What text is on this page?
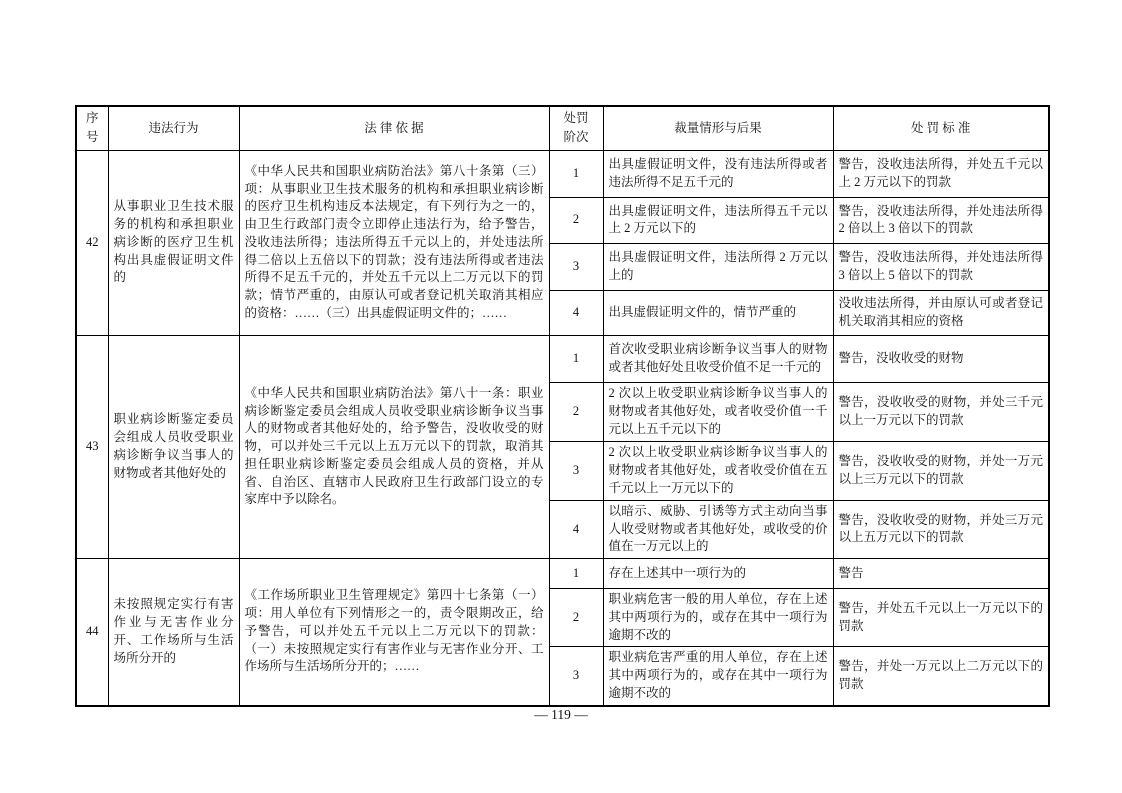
序号	违法行为	法 律 依 据	处罚阶次	裁量情形与后果	处 罚 标 准
42	从事职业卫生技术服务的机构和承担职业病诊断的医疗卫生机构出具虚假证明文件的	《中华人民共和国职业病防治法》第八十条第（三）项：从事职业卫生技术服务的机构和承担职业病诊断的医疗卫生机构违反本法规定，有下列行为之一的，由卫生行政部门责令立即停止违法行为，给予警告，没收违法所得；违法所得五千元以上的，并处违法所得二倍以上五倍以下的罚款；没有违法所得或者违法所得不足五千元的，并处五千元以上二万元以下的罚款；情节严重的，由原认可或者登记机关取消其相应的资格：……（三）出具虚假证明文件的；……	1	出具虚假证明文件，没有违法所得或者违法所得不足五千元的	警告，没收违法所得，并处五千元以上 2 万元以下的罚款
			2	出具虚假证明文件，违法所得五千元以上 2 万元以下的	警告，没收违法所得，并处违法所得 2 倍以上 3 倍以下的罚款
			3	出具虚假证明文件，违法所得 2 万元以上的	警告，没收违法所得，并处违法所得 3 倍以上 5 倍以下的罚款
			4	出具虚假证明文件的，情节严重的	没收违法所得，并由原认可或者登记机关取消其相应的资格
43	职业病诊断鉴定委员会组成人员收受职业病诊断争议当事人的财物或者其他好处的	《中华人民共和国职业病防治法》第八十一条：职业病诊断鉴定委员会组成人员收受职业病诊断争议当事人的财物或者其他好处的，给予警告，没收收受的财物，可以并处三千元以上五万元以下的罚款，取消其担任职业病诊断鉴定委员会组成人员的资格，并从省、自治区、直辖市人民政府卫生行政部门设立的专家库中予以除名。	1	首次收受职业病诊断争议当事人的财物或者其他好处且收受价值不足一千元的	警告，没收收受的财物
			2	2 次以上收受职业病诊断争议当事人的财物或者其他好处，或者收受价值一千元以上五千元以下的	警告，没收收受的财物，并处三千元以上一万元以下的罚款
			3	2 次以上收受职业病诊断争议当事人的财物或者其他好处，或者收受价值在五千元以上一万元以下的	警告，没收收受的财物，并处一万元以上三万元以下的罚款
			4	以暗示、威胁、引诱等方式主动向当事人收受财物或者其他好处，或收受的价值在一万元以上的	警告，没收收受的财物，并处三万元以上五万元以下的罚款
44	未按照规定实行有害作业与无害作业分开、工作场所与生活场所分开的	《工作场所职业卫生管理规定》第四十七条第（一）项：用人单位有下列情形之一的，责令限期改正，给予警告，可以并处五千元以上二万元以下的罚款：（一）未按照规定实行有害作业与无害作业分开、工作场所与生活场所分开的；……	1	存在上述其中一项行为的	警告
			2	职业病危害一般的用人单位，存在上述其中两项行为的，或存在其中一项行为逾期不改的	警告，并处五千元以上一万元以下的罚款
			3	职业病危害严重的用人单位，存在上述其中两项行为的，或存在其中一项行为逾期不改的	警告，并处一万元以上二万元以下的罚款
— 119 —
